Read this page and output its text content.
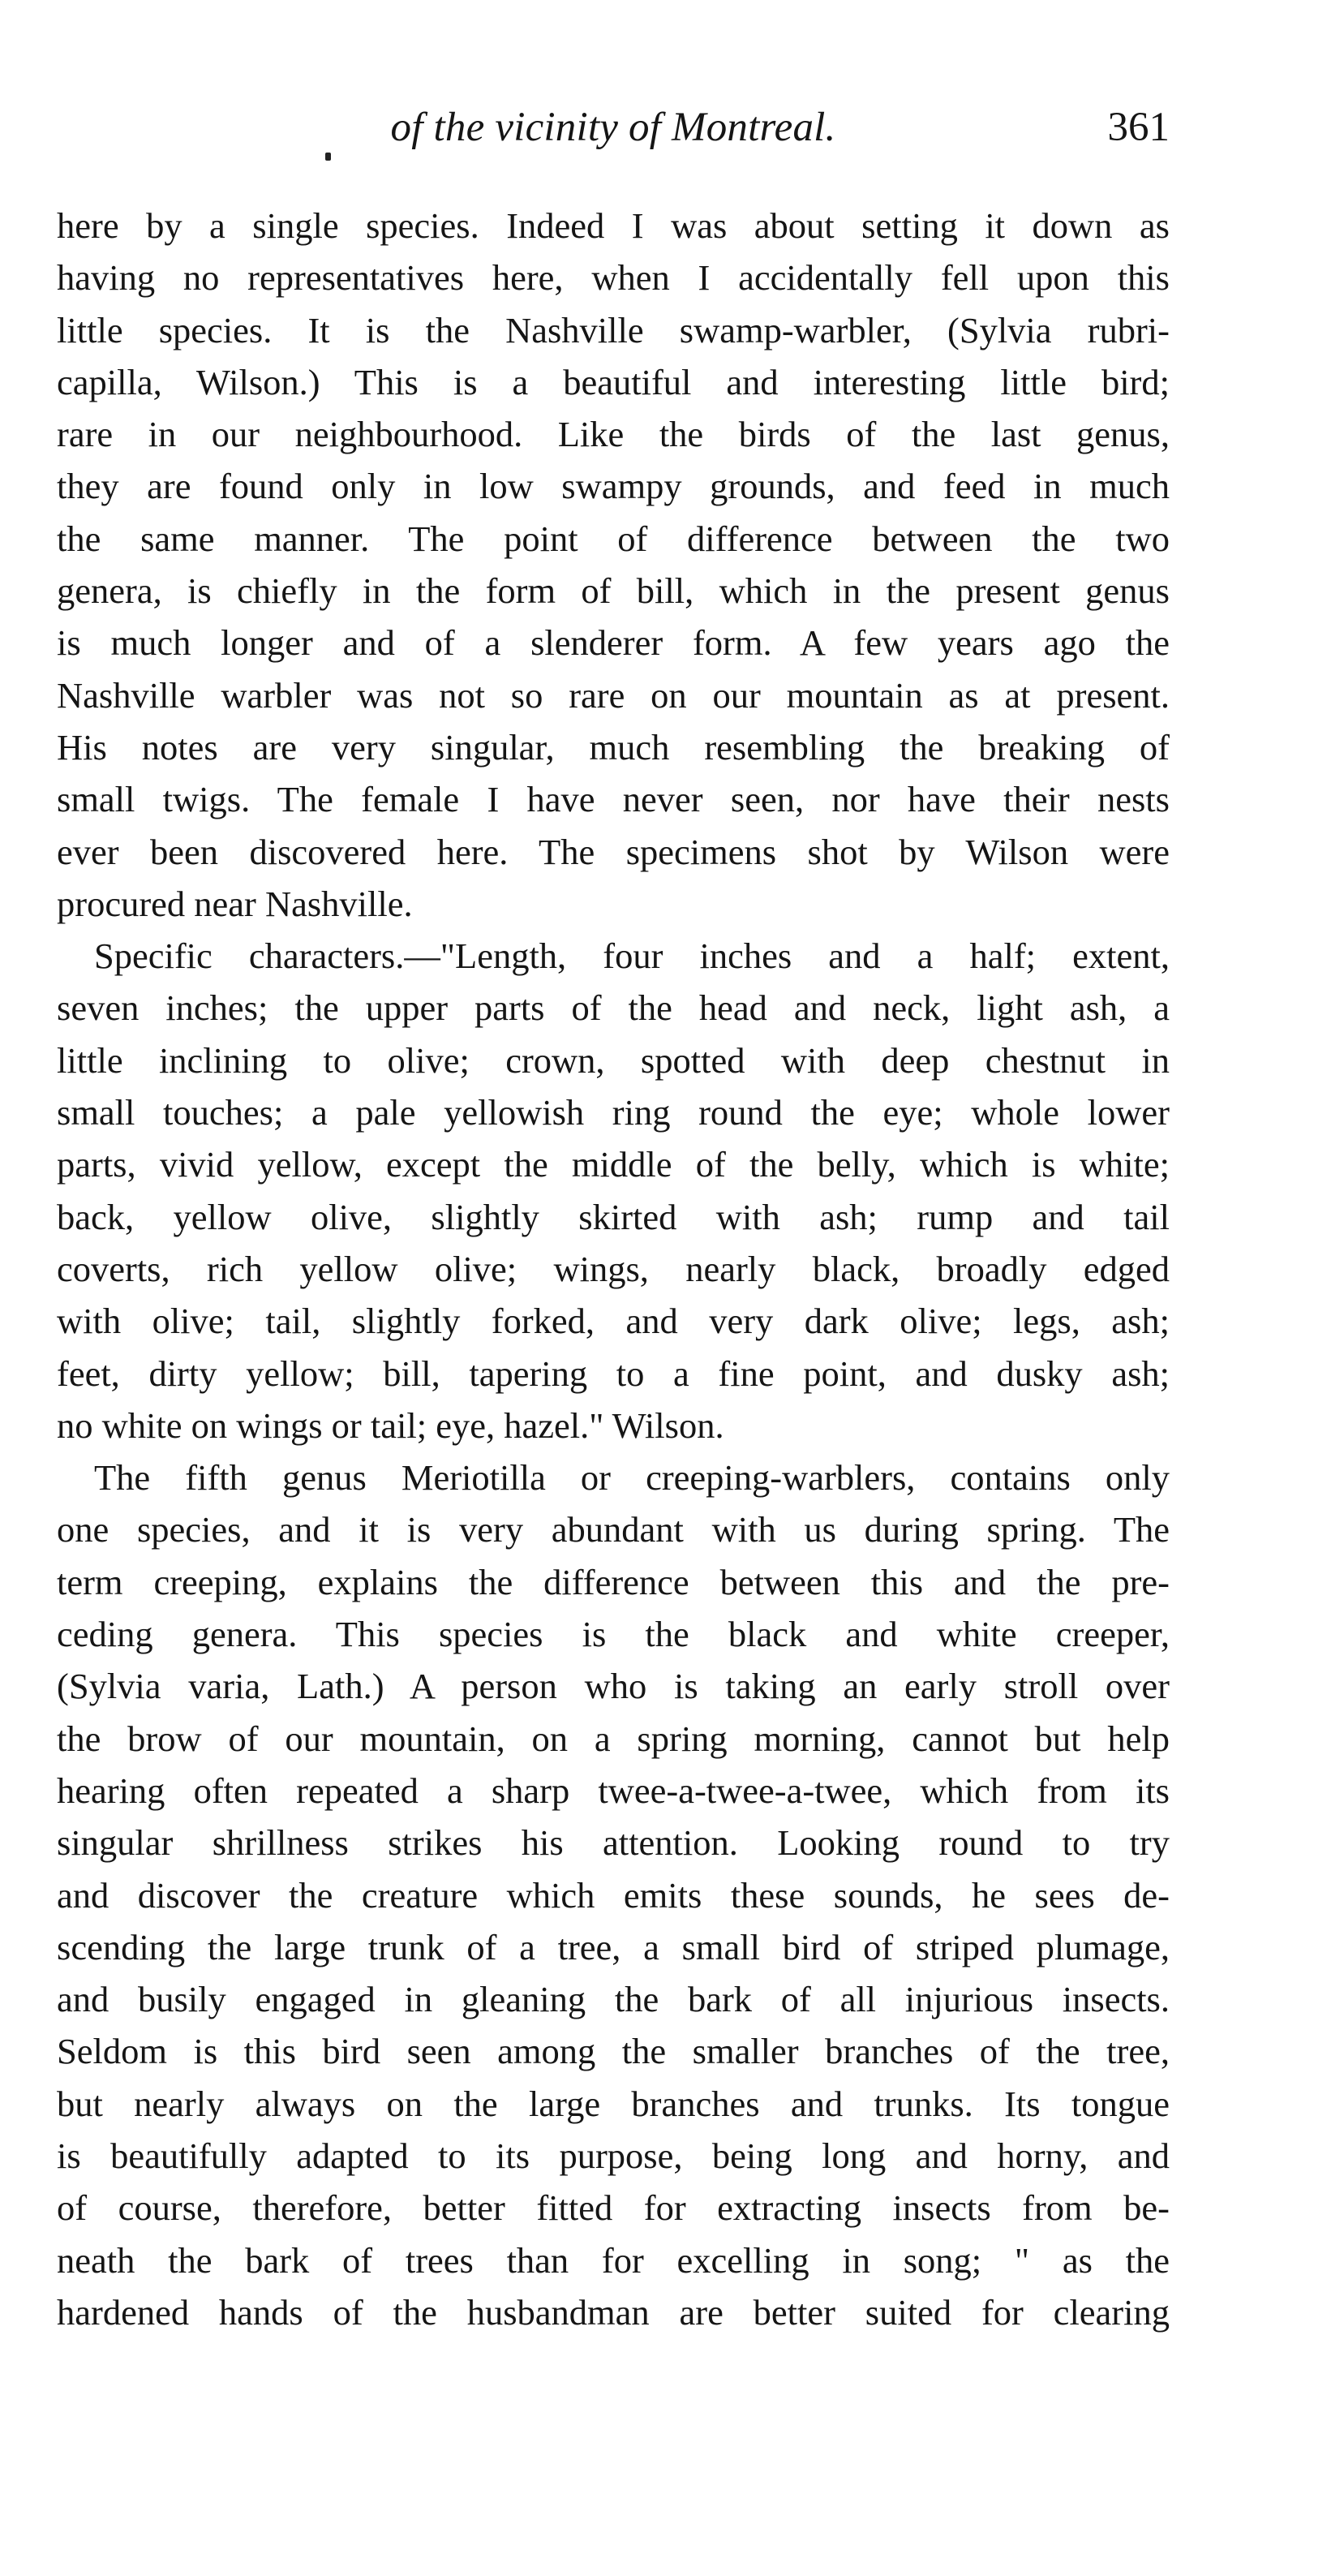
of the vicinity of Montreal.	361
here by a single species. Indeed I was about setting it down as
having no representatives here, when I accidentally fell upon this
little species. It is the Nashville swamp-warbler, (Sylvia rubri-
capilla, Wilson.) This is a beautiful and interesting little bird;
rare in our neighbourhood. Like the birds of the last genus,
they are found only in low swampy grounds, and feed in much
the same manner. The point of difference between the two
genera, is chiefly in the form of bill, which in the present genus
is much longer and of a slenderer form. A few years ago the
Nashville warbler was not so rare on our mountain as at present.
His notes are very singular, much resembling the breaking of
small twigs. The female I have never seen, nor have their nests
ever been discovered here. The specimens shot by Wilson were
procured near Nashville.
Specific characters.—"Length, four inches and a half; extent,
seven inches; the upper parts of the head and neck, light ash, a
little inclining to olive; crown, spotted with deep chestnut in
small touches; a pale yellowish ring round the eye; whole lower
parts, vivid yellow, except the middle of the belly, which is white;
back, yellow olive, slightly skirted with ash; rump and tail
coverts, rich yellow olive; wings, nearly black, broadly edged
with olive; tail, slightly forked, and very dark olive; legs, ash;
feet, dirty yellow; bill, tapering to a fine point, and dusky ash;
no white on wings or tail; eye, hazel." Wilson.
The fifth genus Meriotilla or creeping-warblers, contains only
one species, and it is very abundant with us during spring. The
term creeping, explains the difference between this and the pre-
ceding genera. This species is the black and white creeper,
(Sylvia varia, Lath.) A person who is taking an early stroll over
the brow of our mountain, on a spring morning, cannot but help
hearing often repeated a sharp twee-a-twee-a-twee, which from its
singular shrillness strikes his attention. Looking round to try
and discover the creature which emits these sounds, he sees de-
scending the large trunk of a tree, a small bird of striped plumage,
and busily engaged in gleaning the bark of all injurious insects.
Seldom is this bird seen among the smaller branches of the tree,
but nearly always on the large branches and trunks. Its tongue
is beautifully adapted to its purpose, being long and horny, and
of course, therefore, better fitted for extracting insects from be-
neath the bark of trees than for excelling in song; " as the
hardened hands of the husbandman are better suited for clearing
